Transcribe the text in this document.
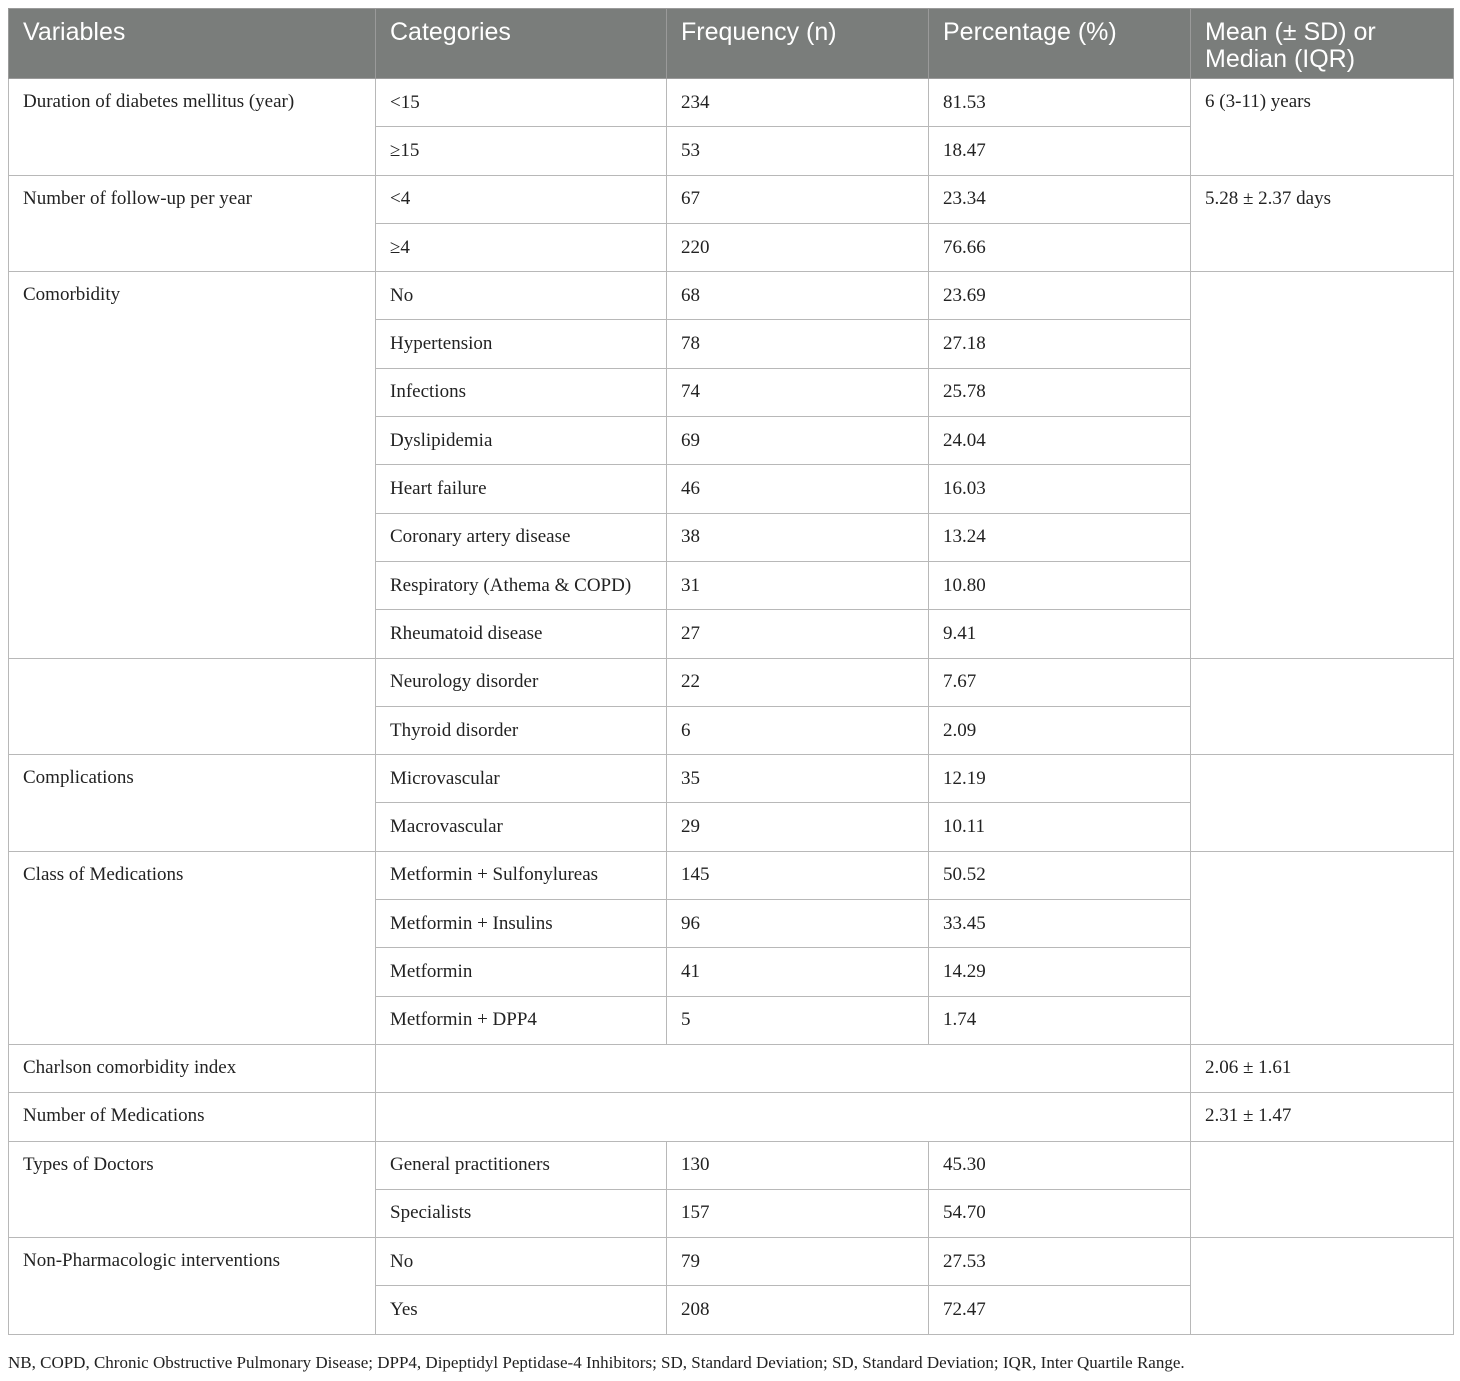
Variables	Categories	Frequency (n)	Percentage (%)	Mean (± SD) or Median (IQR)
Duration of diabetes mellitus (year)	<15	234	81.53	6 (3-11) years
	≥15	53	18.47	
Number of follow-up per year	<4	67	23.34	5.28 ± 2.37 days
	≥4	220	76.66	
Comorbidity	No	68	23.69	
	Hypertension	78	27.18	
	Infections	74	25.78	
	Dyslipidemia	69	24.04	
	Heart failure	46	16.03	
	Coronary artery disease	38	13.24	
	Respiratory (Athema & COPD)	31	10.80	
	Rheumatoid disease	27	9.41	
	Neurology disorder	22	7.67	
	Thyroid disorder	6	2.09	
Complications	Microvascular	35	12.19	
	Macrovascular	29	10.11	
Class of Medications	Metformin + Sulfonylureas	145	50.52	
	Metformin + Insulins	96	33.45	
	Metformin	41	14.29	
	Metformin + DPP4	5	1.74	
Charlson comorbidity index				2.06 ± 1.61
Number of Medications				2.31 ± 1.47
Types of Doctors	General practitioners	130	45.30	
	Specialists	157	54.70	
Non-Pharmacologic interventions	No	79	27.53	
	Yes	208	72.47	
NB, COPD, Chronic Obstructive Pulmonary Disease; DPP4, Dipeptidyl Peptidase-4 Inhibitors; SD, Standard Deviation; SD, Standard Deviation; IQR, Inter Quartile Range.
